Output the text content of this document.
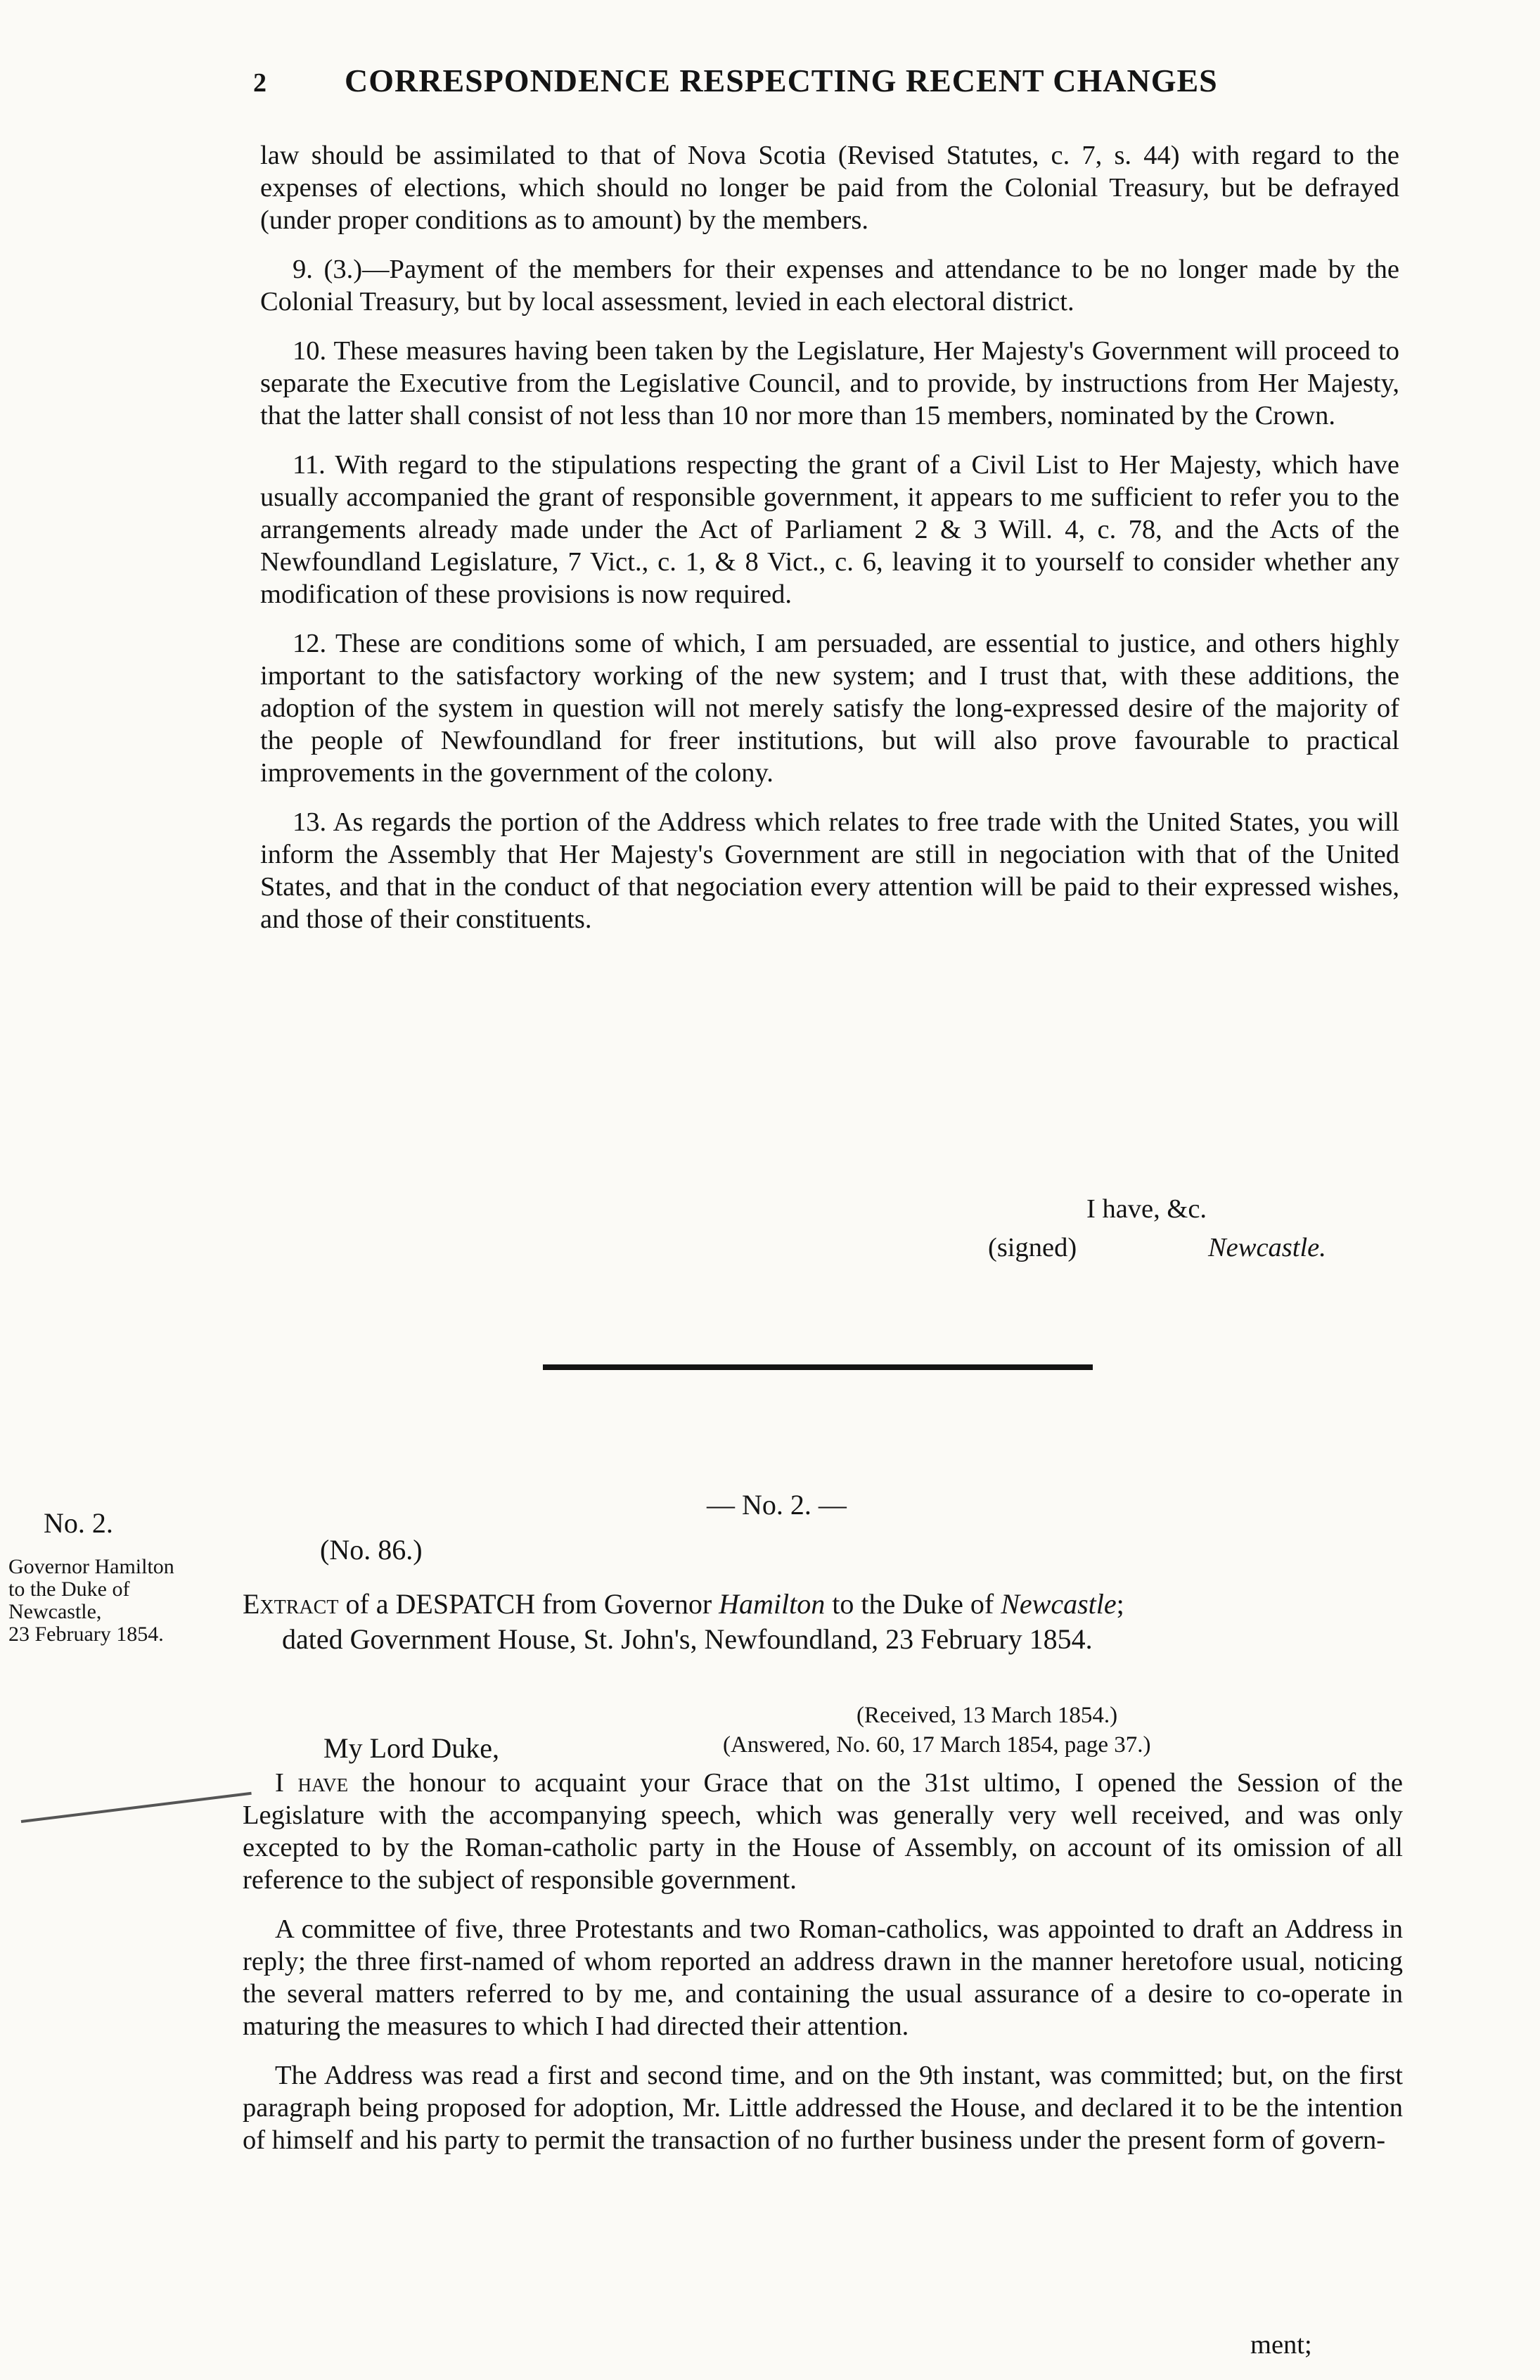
2 CORRESPONDENCE RESPECTING RECENT CHANGES

law should be assimilated to that of Nova Scotia (Revised Statutes, c. 7, s. 44) with regard to the expenses of elections, which should no longer be paid from the Colonial Treasury, but be defrayed (under proper conditions as to amount) by the members.

9. (3.)—Payment of the members for their expenses and attendance to be no longer made by the Colonial Treasury, but by local assessment, levied in each electoral district.

10. These measures having been taken by the Legislature, Her Majesty's Government will proceed to separate the Executive from the Legislative Council, and to provide, by instructions from Her Majesty, that the latter shall consist of not less than 10 nor more than 15 members, nominated by the Crown.

11. With regard to the stipulations respecting the grant of a Civil List to Her Majesty, which have usually accompanied the grant of responsible government, it appears to me sufficient to refer you to the arrangements already made under the Act of Parliament 2 & 3 Will. 4, c. 78, and the Acts of the Newfoundland Legislature, 7 Vict., c. 1, & 8 Vict., c. 6, leaving it to yourself to consider whether any modification of these provisions is now required.

12. These are conditions some of which, I am persuaded, are essential to justice, and others highly important to the satisfactory working of the new system; and I trust that, with these additions, the adoption of the system in question will not merely satisfy the long-expressed desire of the majority of the people of Newfoundland for freer institutions, but will also prove favourable to practical improvements in the government of the colony.

13. As regards the portion of the Address which relates to free trade with the United States, you will inform the Assembly that Her Majesty's Government are still in negociation with that of the United States, and that in the conduct of that negociation every attention will be paid to their expressed wishes, and those of their constituents.

I have, &c.
(signed)	Newcastle.
— No. 2. —
No. 2.
Governor Hamilton
to the Duke of
Newcastle,
23 February 1854.
(No. 86.)
Extract of a DESPATCH from Governor Hamilton to the Duke of Newcastle;
dated Government House, St. John's, Newfoundland, 23 February 1854.
(Received, 13 March 1854.)
(Answered, No. 60, 17 March 1854, page 37.)
My Lord Duke,

I have the honour to acquaint your Grace that on the 31st ultimo, I opened the Session of the Legislature with the accompanying speech, which was generally very well received, and was only excepted to by the Roman-catholic party in the House of Assembly, on account of its omission of all reference to the subject of responsible government.

A committee of five, three Protestants and two Roman-catholics, was appointed to draft an Address in reply; the three first-named of whom reported an address drawn in the manner heretofore usual, noticing the several matters referred to by me, and containing the usual assurance of a desire to co-operate in maturing the measures to which I had directed their attention.

The Address was read a first and second time, and on the 9th instant, was committed; but, on the first paragraph being proposed for adoption, Mr. Little addressed the House, and declared it to be the intention of himself and his party to permit the transaction of no further business under the present form of govern-

ment;
